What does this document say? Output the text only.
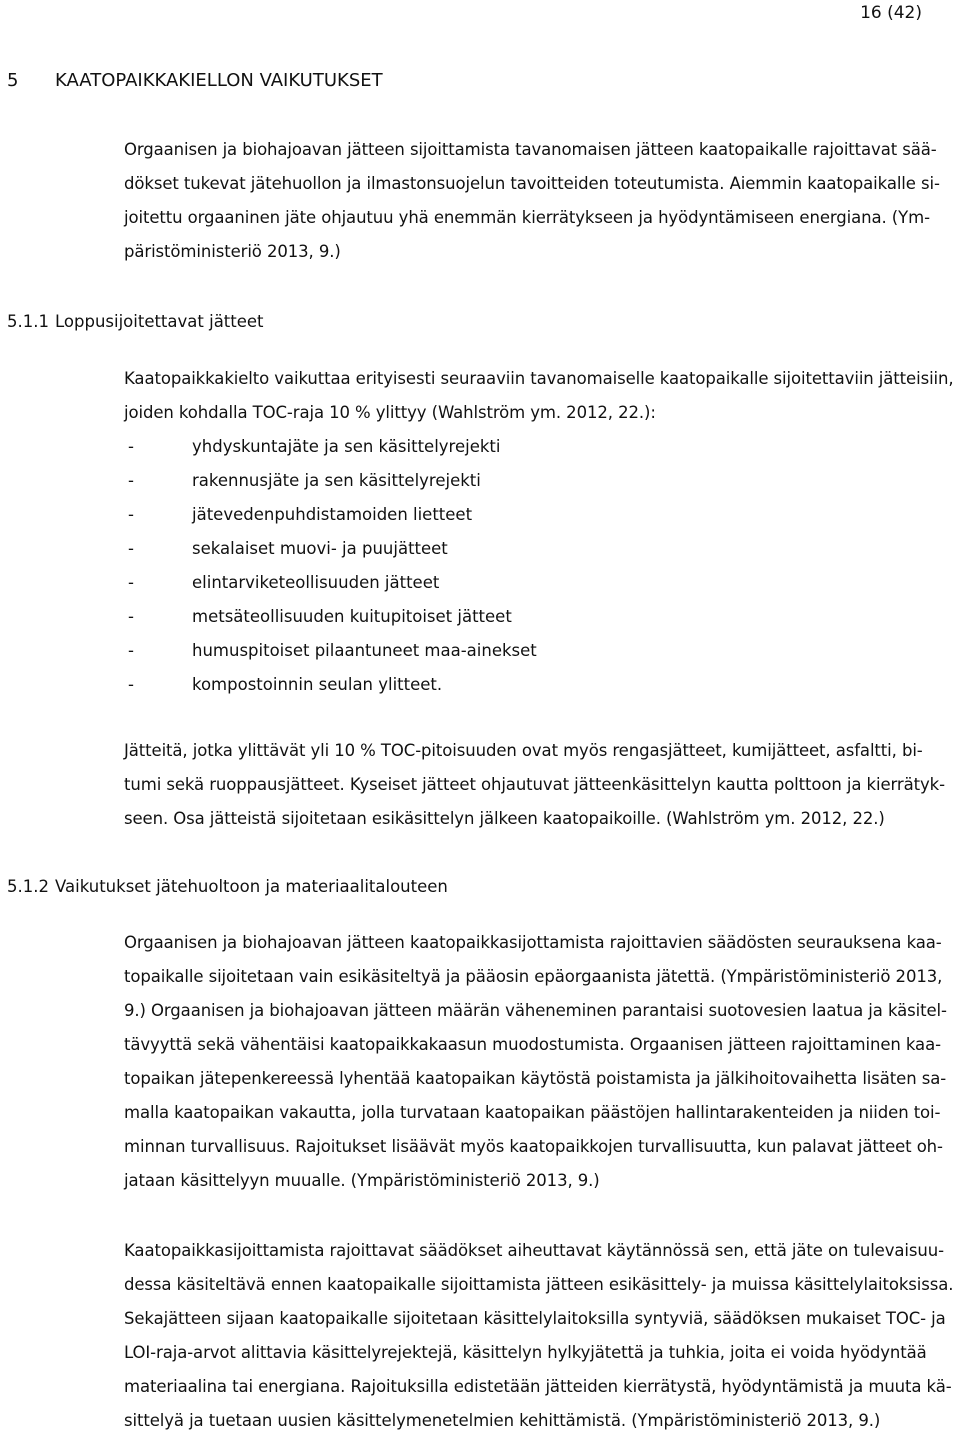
16 (42)
5 KAATOPAIKKAKIELLON VAIKUTUKSET

Orgaanisen ja biohajoavan jätteen sijoittamista tavanomaisen jätteen kaatopaikalle rajoittavat sää-
dökset tukevat jätehuollon ja ilmastonsuojelun tavoitteiden toteutumista. Aiemmin kaatopaikalle si-
joitettu orgaaninen jäte ohjautuu yhä enemmän kierrätykseen ja hyödyntämiseen energiana. (Ym-
päristöministeriö 2013, 9.)

5.1.1 Loppusijoitettavat jätteet

Kaatopaikkakielto vaikuttaa erityisesti seuraaviin tavanomaiselle kaatopaikalle sijoitettaviin jätteisiin,
joiden kohdalla TOC-raja 10 % ylittyy (Wahlström ym. 2012, 22.):

-	yhdyskuntajäte ja sen käsittelyrejekti
-	rakennusjäte ja sen käsittelyrejekti
-	jätevedenpuhdistamoiden lietteet
-	sekalaiset muovi- ja puujätteet
-	elintarviketeollisuuden jätteet
-	metsäteollisuuden kuitupitoiset jätteet
-	humuspitoiset pilaantuneet maa-ainekset
-	kompostoinnin seulan ylitteet.

Jätteitä, jotka ylittävät yli 10 % TOC-pitoisuuden ovat myös rengasjätteet, kumijätteet, asfaltti, bi-
tumi sekä ruoppausjätteet. Kyseiset jätteet ohjautuvat jätteenkäsittelyn kautta polttoon ja kierrätyk-
seen. Osa jätteistä sijoitetaan esikäsittelyn jälkeen kaatopaikoille. (Wahlström ym. 2012, 22.)

5.1.2 Vaikutukset jätehuoltoon ja materiaalitalouteen

Orgaanisen ja biohajoavan jätteen kaatopaikkasijottamista rajoittavien säädösten seurauksena kaa-
topaikalle sijoitetaan vain esikäsiteltyä ja pääosin epäorgaanista jätettä. (Ympäristöministeriö 2013,
9.) Orgaanisen ja biohajoavan jätteen määrän väheneminen parantaisi suotovesien laatua ja käsitel-
tävyyttä sekä vähentäisi kaatopaikkakaasun muodostumista. Orgaanisen jätteen rajoittaminen kaa-
topaikan jätepenkereessä lyhentää kaatopaikan käytöstä poistamista ja jälkihoitovaihetta lisäten sa-
malla kaatopaikan vakautta, jolla turvataan kaatopaikan päästöjen hallintarakenteiden ja niiden toi-
minnan turvallisuus. Rajoitukset lisäävät myös kaatopaikkojen turvallisuutta, kun palavat jätteet oh-
jataan käsittelyyn muualle. (Ympäristöministeriö 2013, 9.)

Kaatopaikkasijoittamista rajoittavat säädökset aiheuttavat käytännössä sen, että jäte on tulevaisuu-
dessa käsiteltävä ennen kaatopaikalle sijoittamista jätteen esikäsittely- ja muissa käsittelylaitoksissa.
Sekajätteen sijaan kaatopaikalle sijoitetaan käsittelylaitoksilla syntyviä, säädöksen mukaiset TOC- ja
LOI-raja-arvot alittavia käsittelyrejektejä, käsittelyn hylkyjätettä ja tuhkia, joita ei voida hyödyntää
materiaalina tai energiana. Rajoituksilla edistetään jätteiden kierrätystä, hyödyntämistä ja muuta kä-
sittelyä ja tuetaan uusien käsittelymenetelmien kehittämistä. (Ympäristöministeriö 2013, 9.)
